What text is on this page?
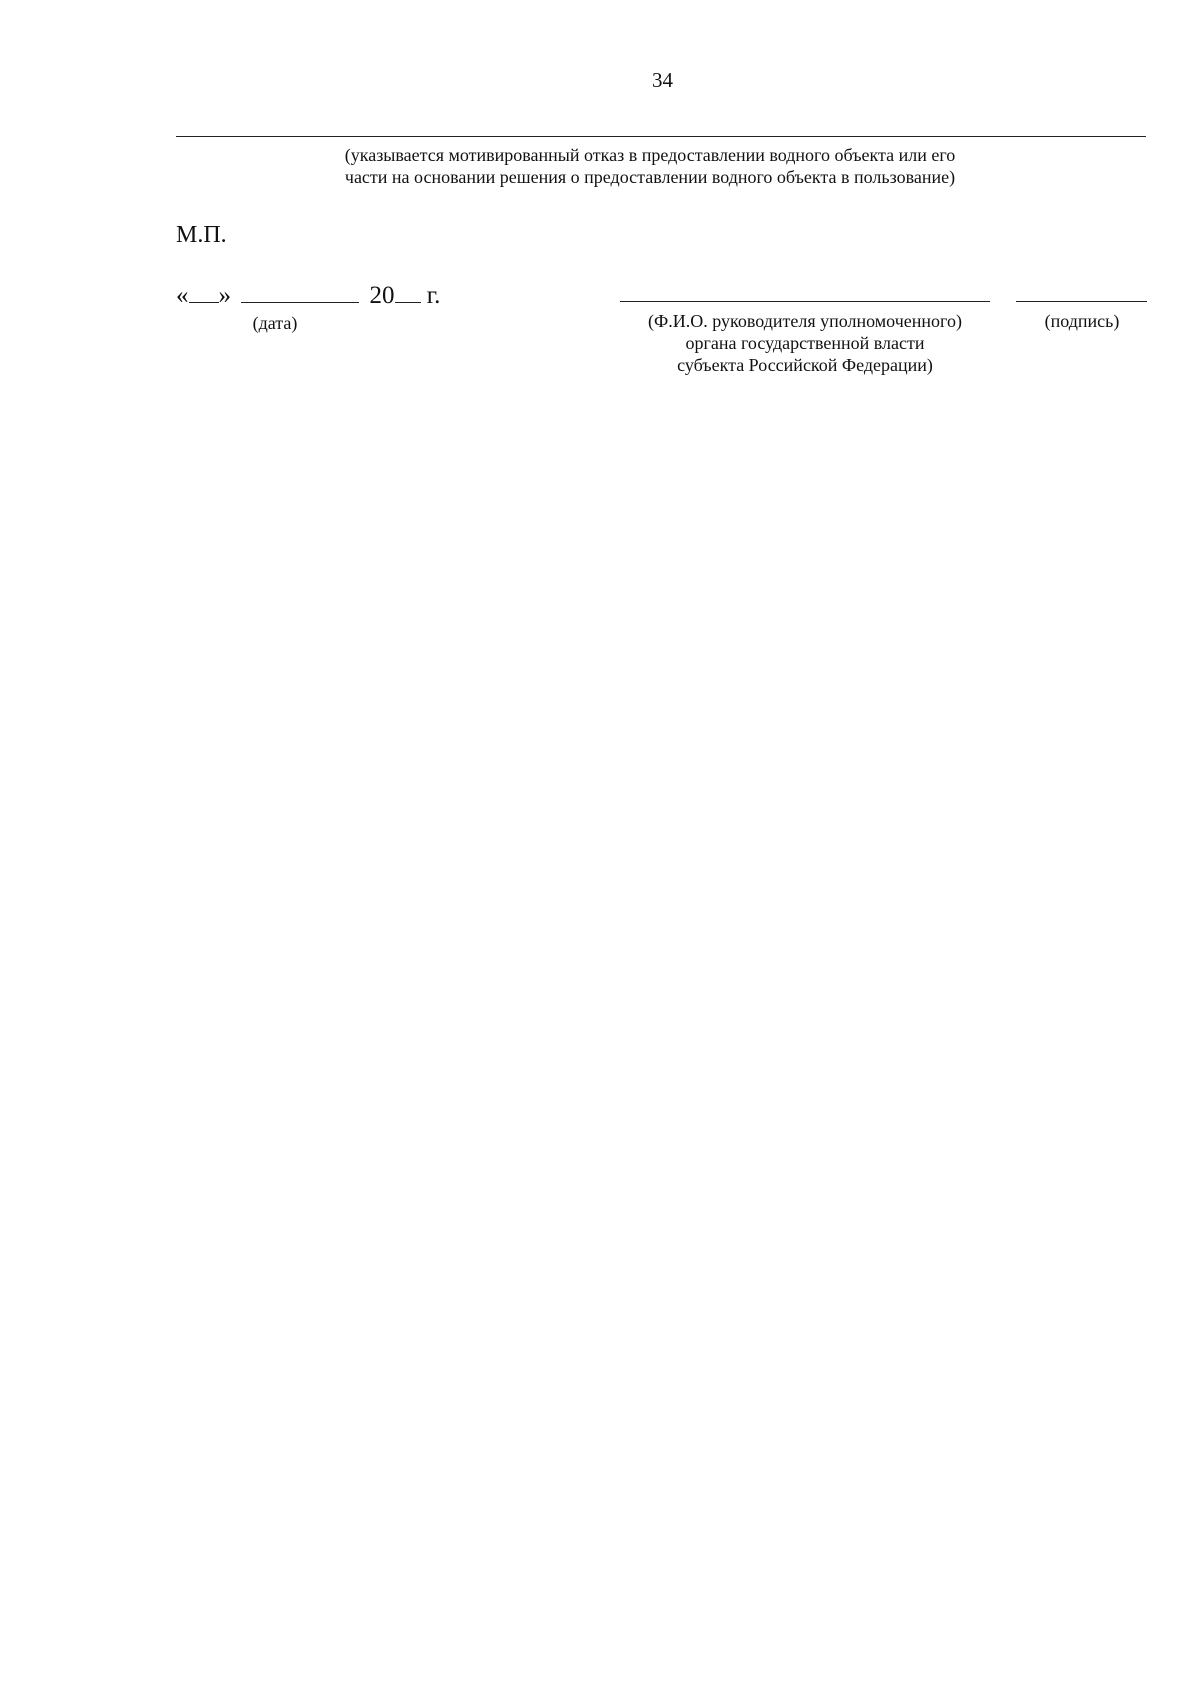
34
(указывается мотивированный отказ в предоставлении водного объекта или его
части на основании решения о предоставлении водного объекта в пользование)
М.П.
« »	20 г.
(дата)	(Ф.И.О. руководителя уполномоченного)
органа государственной власти
субъекта Российской Федерации)
(подпись)
